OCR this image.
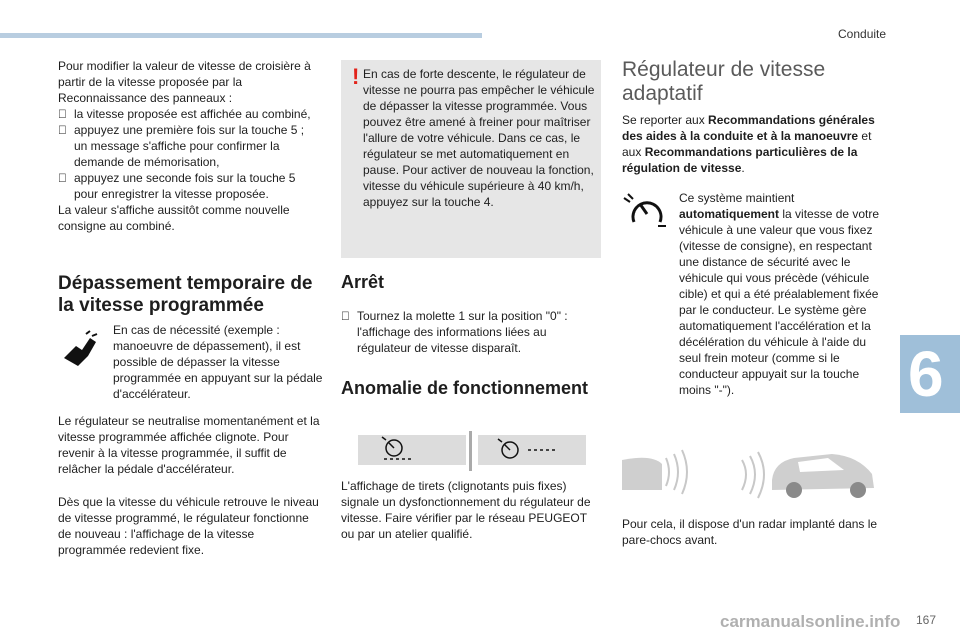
Conduite
6

Pour modifier la valeur de vitesse de croisière à partir de la vitesse proposée par la Reconnaissance des panneaux :

la vitesse proposée est affichée au combiné,

appuyez une première fois sur la touche 5 ; un message s'affiche pour confirmer la demande de mémorisation,

appuyez une seconde fois sur la touche 5 pour enregistrer la vitesse proposée.

La valeur s'affiche aussitôt comme nouvelle consigne au combiné.

Dépassement temporaire de la vitesse programmée
En cas de nécessité (exemple : manoeuvre de dépassement), il est possible de dépasser la vitesse programmée en appuyant sur la pédale d'accélérateur.
Le régulateur se neutralise momentanément et la vitesse programmée affichée clignote. Pour revenir à la vitesse programmée, il suffit de relâcher la pédale d'accélérateur.
Dès que la vitesse du véhicule retrouve le niveau de vitesse programmé, le régulateur fonctionne de nouveau : l'affichage de la vitesse programmée redevient fixe.
! En cas de forte descente, le régulateur de vitesse ne pourra pas empêcher le véhicule de dépasser la vitesse programmée. Vous pouvez être amené à freiner pour maîtriser l'allure de votre véhicule. Dans ce cas, le régulateur se met automatiquement en pause. Pour activer de nouveau la fonction, vitesse du véhicule supérieure à 40 km/h, appuyez sur la touche 4.
Arrêt

Tournez la molette 1 sur la position "0" : l'affichage des informations liées au régulateur de vitesse disparaît.

Anomalie de fonctionnement
L'affichage de tirets (clignotants puis fixes) signale un dysfonctionnement du régulateur de vitesse. Faire vérifier par le réseau PEUGEOT ou par un atelier qualifié.
Régulateur de vitesse adaptatif
Se reporter aux Recommandations générales des aides à la conduite et à la manoeuvre et aux Recommandations particulières de la régulation de vitesse.
Ce système maintient automatiquement la vitesse de votre véhicule à une valeur que vous fixez (vitesse de consigne), en respectant une distance de sécurité avec le véhicule qui vous précède (véhicule cible) et qui a été préalablement fixée par le conducteur. Le système gère automatiquement l'accélération et la décélération du véhicule à l'aide du seul frein moteur (comme si le conducteur appuyait sur la touche moins "-").
Pour cela, il dispose d'un radar implanté dans le pare-chocs avant.
carmanualsonline.info 167
